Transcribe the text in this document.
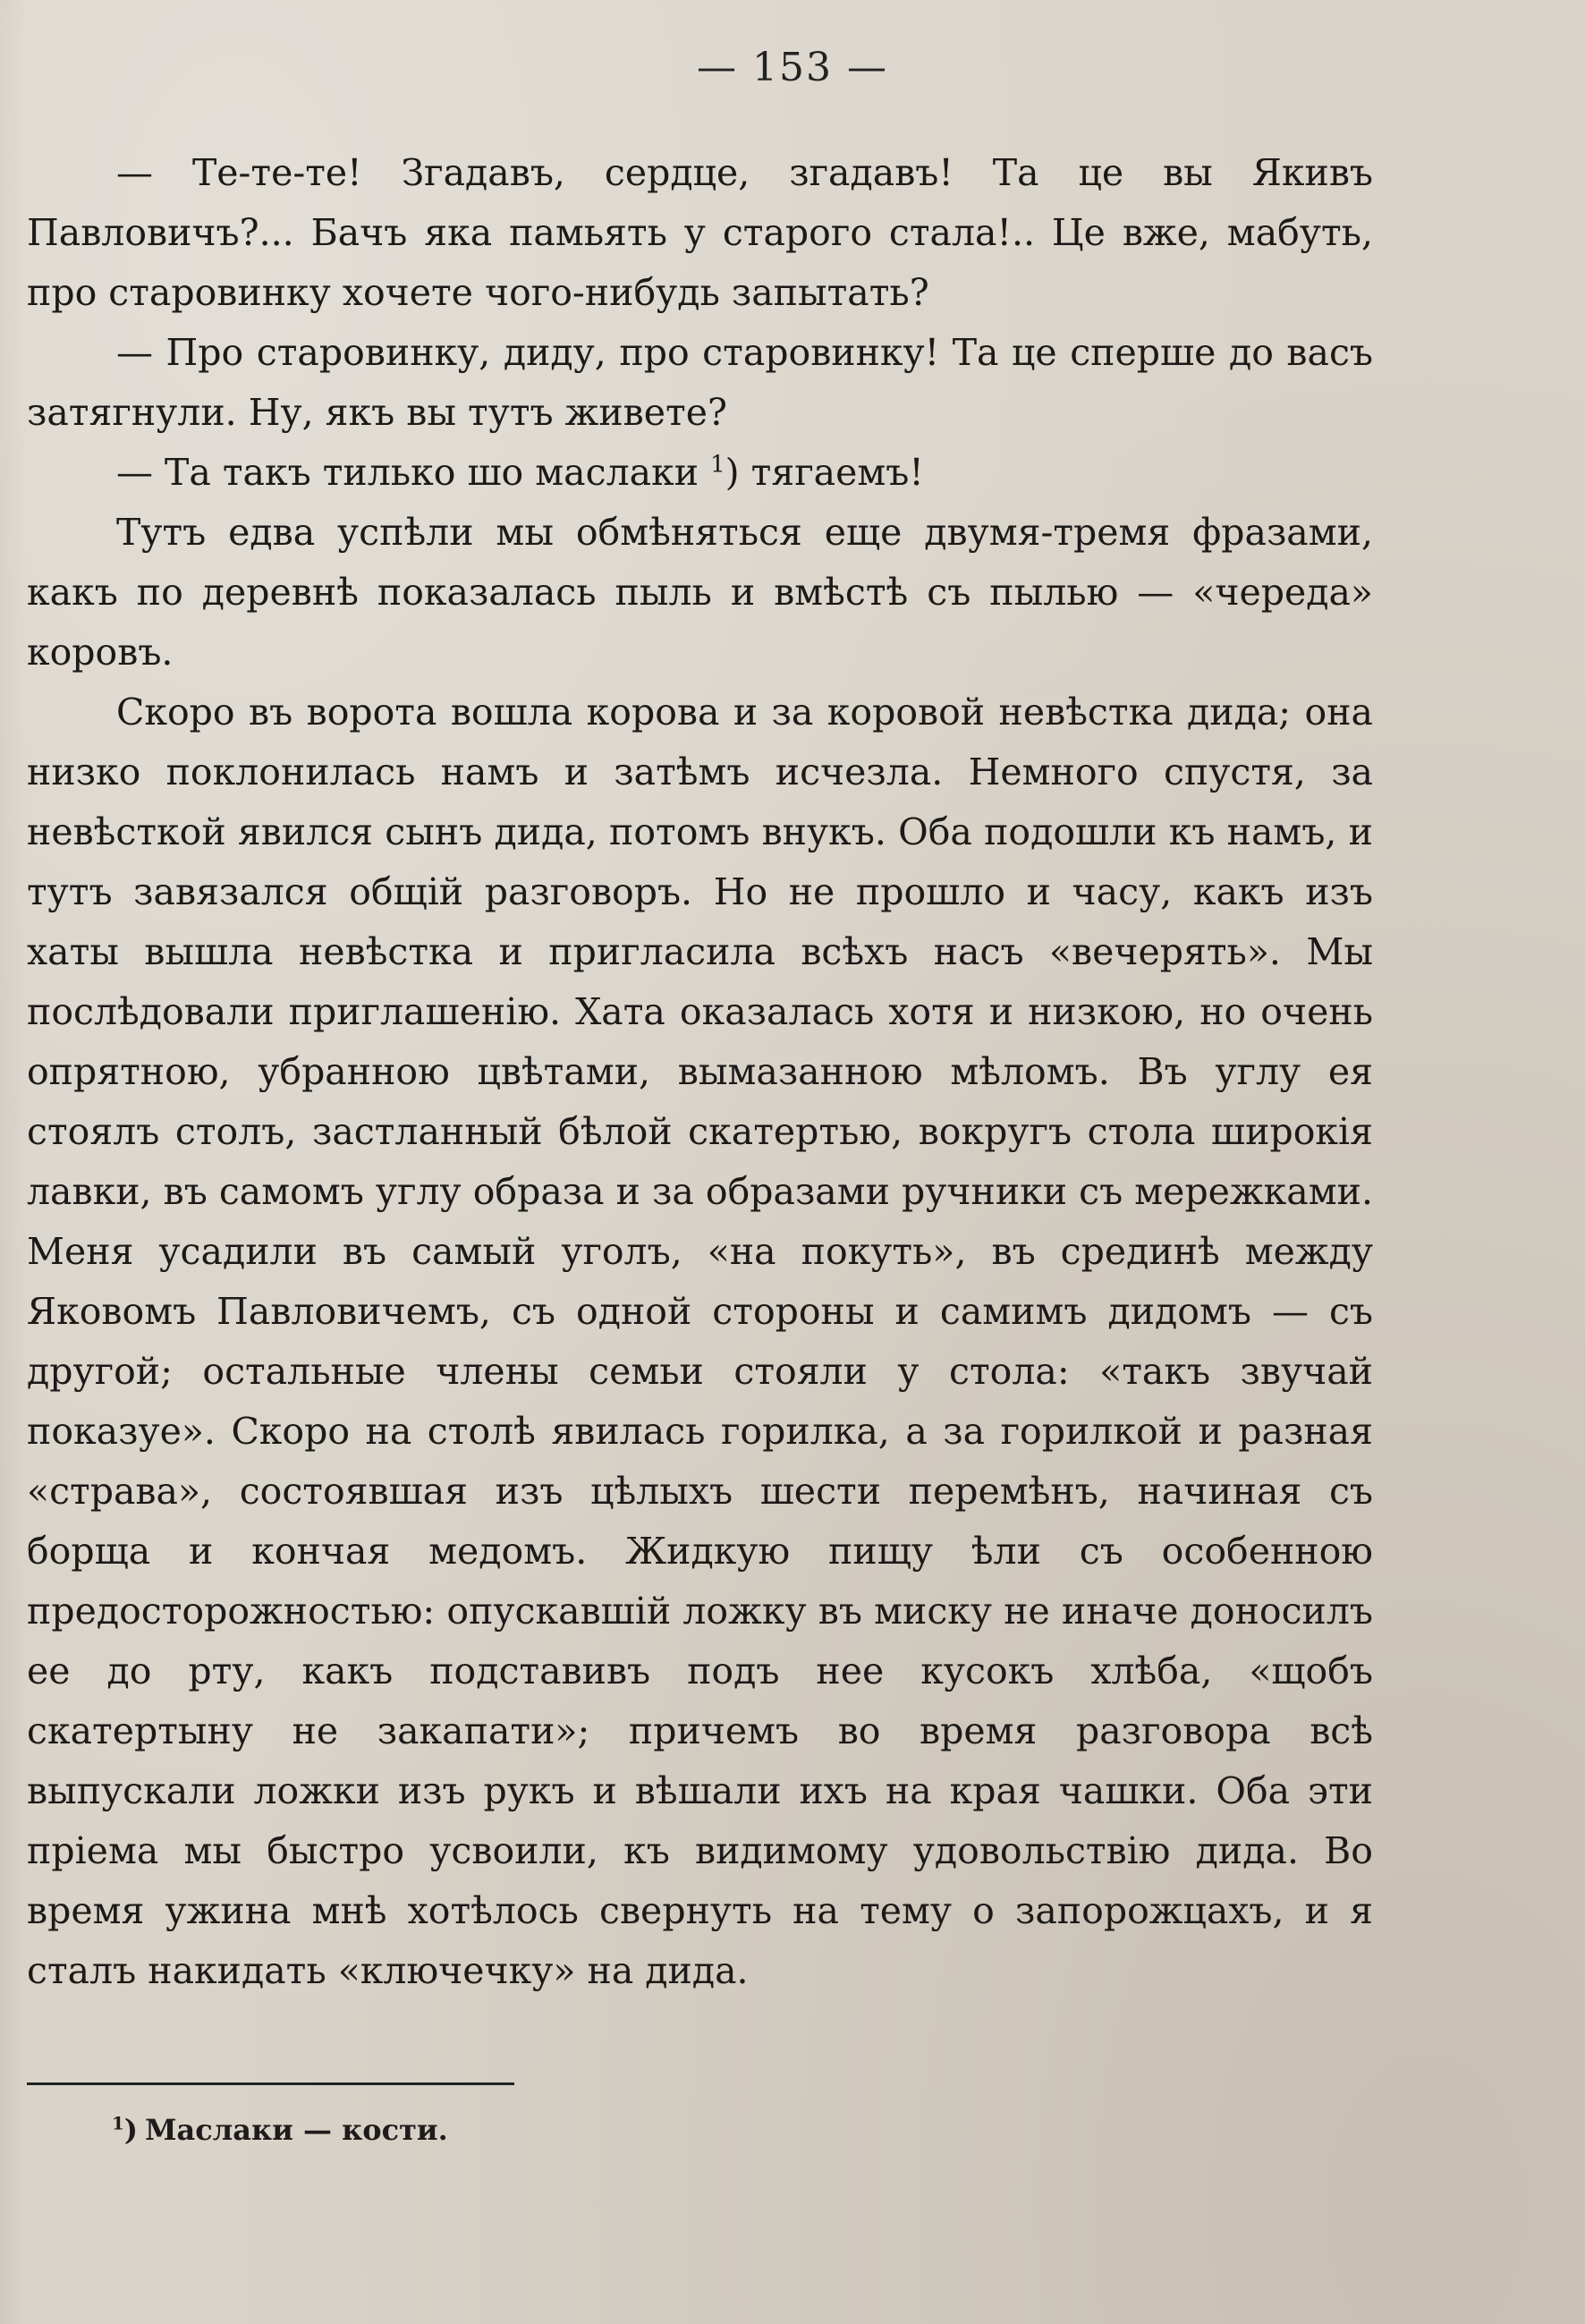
— 153 —

— Те-те-те! Згадавъ, сердце, згадавъ! Та це вы Якивъ Павловичъ?... Бачъ яка памьять у старого стала!.. Це вже, мабуть, про старовинку хочете чого-нибудь запытать?

— Про старовинку, диду, про старовинку! Та це сперше до васъ затягнули. Ну, якъ вы тутъ живете?

— Та такъ тилько шо маслаки $^1$) тягаемъ!

Тутъ едва успѣли мы обмѣняться еще двумя-тремя фразами, какъ по деревнѣ показалась пыль и вмѣстѣ съ пылью — «череда» коровъ.

Скоро въ ворота вошла корова и за коровой невѣстка дида; она низко поклонилась намъ и затѣмъ исчезла. Немного спустя, за невѣсткой явился сынъ дида, потомъ внукъ. Оба подошли къ намъ, и тутъ завязался общій разговоръ. Но не прошло и часу, какъ изъ хаты вышла невѣстка и пригласила всѣхъ насъ «вечерять». Мы послѣдовали приглашенію. Хата оказалась хотя и низкою, но очень опрятною, убранною цвѣтами, вымазанною мѣломъ. Въ углу ея стоялъ столъ, застланный бѣлой скатертью, вокругъ стола широкія лавки, въ самомъ углу образа и за образами ручники съ мережками. Меня усадили въ самый уголъ, «на покуть», въ срединѣ между Яковомъ Павловичемъ, съ одной стороны и самимъ дидомъ — съ другой; остальные члены семьи стояли у стола: «такъ звучай показуе». Скоро на столѣ явилась горилка, а за горилкой и разная «страва», состоявшая изъ цѣлыхъ шести перемѣнъ, начиная съ борща и кончая медомъ. Жидкую пищу ѣли съ особенною предосторожностью: опускавшій ложку въ миску не иначе доносилъ ее до рту, какъ подставивъ подъ нее кусокъ хлѣба, «щобъ скатертыну не закапати»; причемъ во время разговора всѣ выпускали ложки изъ рукъ и вѣшали ихъ на края чашки. Оба эти пріема мы быстро усвоили, къ видимому удовольствію дида. Во время ужина мнѣ хотѣлось свернуть на тему о запорожцахъ, и я сталъ накидать «ключечку» на дида.

$^1$) Маслаки — кости.
